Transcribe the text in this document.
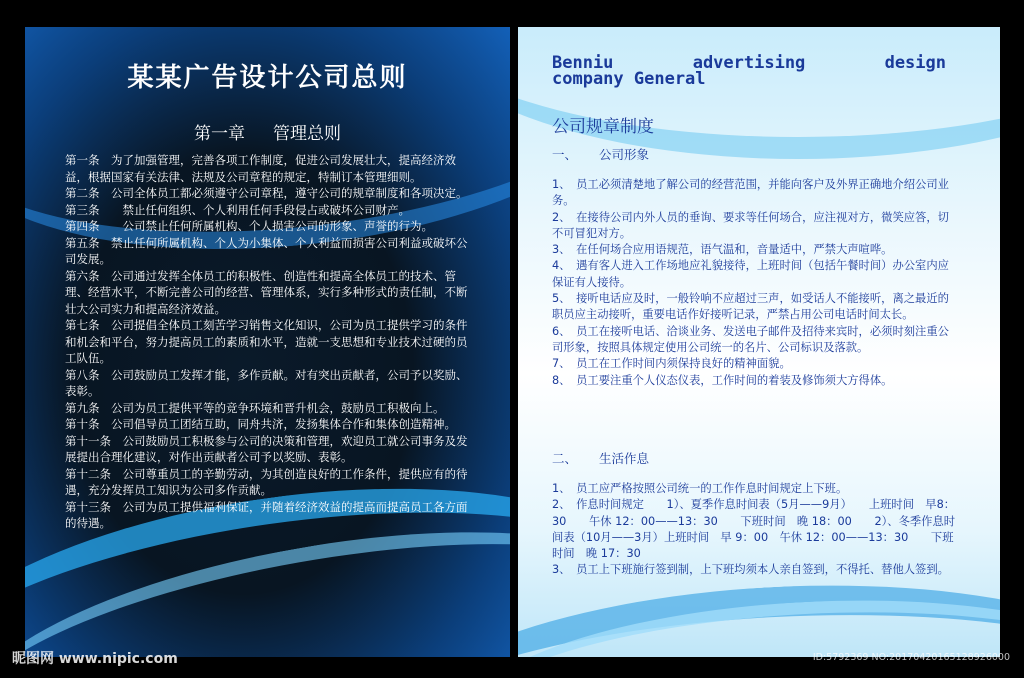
某某广告设计公司总则
第一章 管理总则

第一条　为了加强管理，完善各项工作制度，促进公司发展壮大，提高经济效益，根据国家有关法律、法规及公司章程的规定，特制订本管理细则。

第二条　公司全体员工都必须遵守公司章程，遵守公司的规章制度和各项决定。

第三条　　禁止任何组织、个人利用任何手段侵占或破坏公司财产。

第四条　　公司禁止任何所属机构、个人损害公司的形象、声誉的行为。

第五条　禁止任何所属机构、个人为小集体、个人利益而损害公司利益或破坏公司发展。

第六条　公司通过发挥全体员工的积极性、创造性和提高全体员工的技术、管理、经营水平，不断完善公司的经营、管理体系，实行多种形式的责任制，不断壮大公司实力和提高经济效益。

第七条　公司提倡全体员工刻苦学习销售文化知识，公司为员工提供学习的条件和机会和平台，努力提高员工的素质和水平，造就一支思想和专业技术过硬的员工队伍。

第八条　公司鼓励员工发挥才能，多作贡献。对有突出贡献者，公司予以奖励、表彰。

第九条　公司为员工提供平等的竞争环境和晋升机会，鼓励员工积极向上。

第十条　公司倡导员工团结互助，同舟共济，发扬集体合作和集体创造精神。

第十一条　公司鼓励员工积极参与公司的决策和管理，欢迎员工就公司事务及发展提出合理化建议，对作出贡献者公司予以奖励、表彰。

第十二条　公司尊重员工的辛勤劳动，为其创造良好的工作条件，提供应有的待遇，充分发挥员工知识为公司多作贡献。

第十三条　公司为员工提供福利保证，并随着经济效益的提高而提高员工各方面的待遇。

Benniu	advertising	design
company General
公司规章制度
一、 公司形象

1、　员工必须清楚地了解公司的经营范围，并能向客户及外界正确地介绍公司业务。

2、　在接待公司内外人员的垂询、要求等任何场合，应注视对方，微笑应答，切不可冒犯对方。

3、　在任何场合应用语规范，语气温和，音量适中，严禁大声喧哗。

4、　遇有客人进入工作场地应礼貌接待，上班时间（包括午餐时间）办公室内应保证有人接待。

5、　接听电话应及时，一般铃响不应超过三声，如受话人不能接听，离之最近的职员应主动接听，重要电话作好接听记录，严禁占用公司电话时间太长。

6、　员工在接听电话、洽谈业务、发送电子邮件及招待来宾时，必须时刻注重公司形象，按照具体规定使用公司统一的名片、公司标识及落款。

7、　员工在工作时间内须保持良好的精神面貌。

8、　员工要注重个人仪态仪表，工作时间的着装及修饰须大方得体。

二、 生活作息

1、　员工应严格按照公司统一的工作作息时间规定上下班。

2、　作息时间规定　　1）、夏季作息时间表（5月——9月）　　上班时间　早8：30　　午休 12：00——13：30　　下班时间　晚 18：00　　2）、冬季作息时间表（10月——3月）上班时间　早 9：00　午休 12：00——13：30　　下班时间　晚 17：30

3、　员工上下班施行签到制，上下班均须本人亲自签到，不得托、替他人签到。

昵图网 www.nipic.com	ID:5792369 NO:20170420165128926000
